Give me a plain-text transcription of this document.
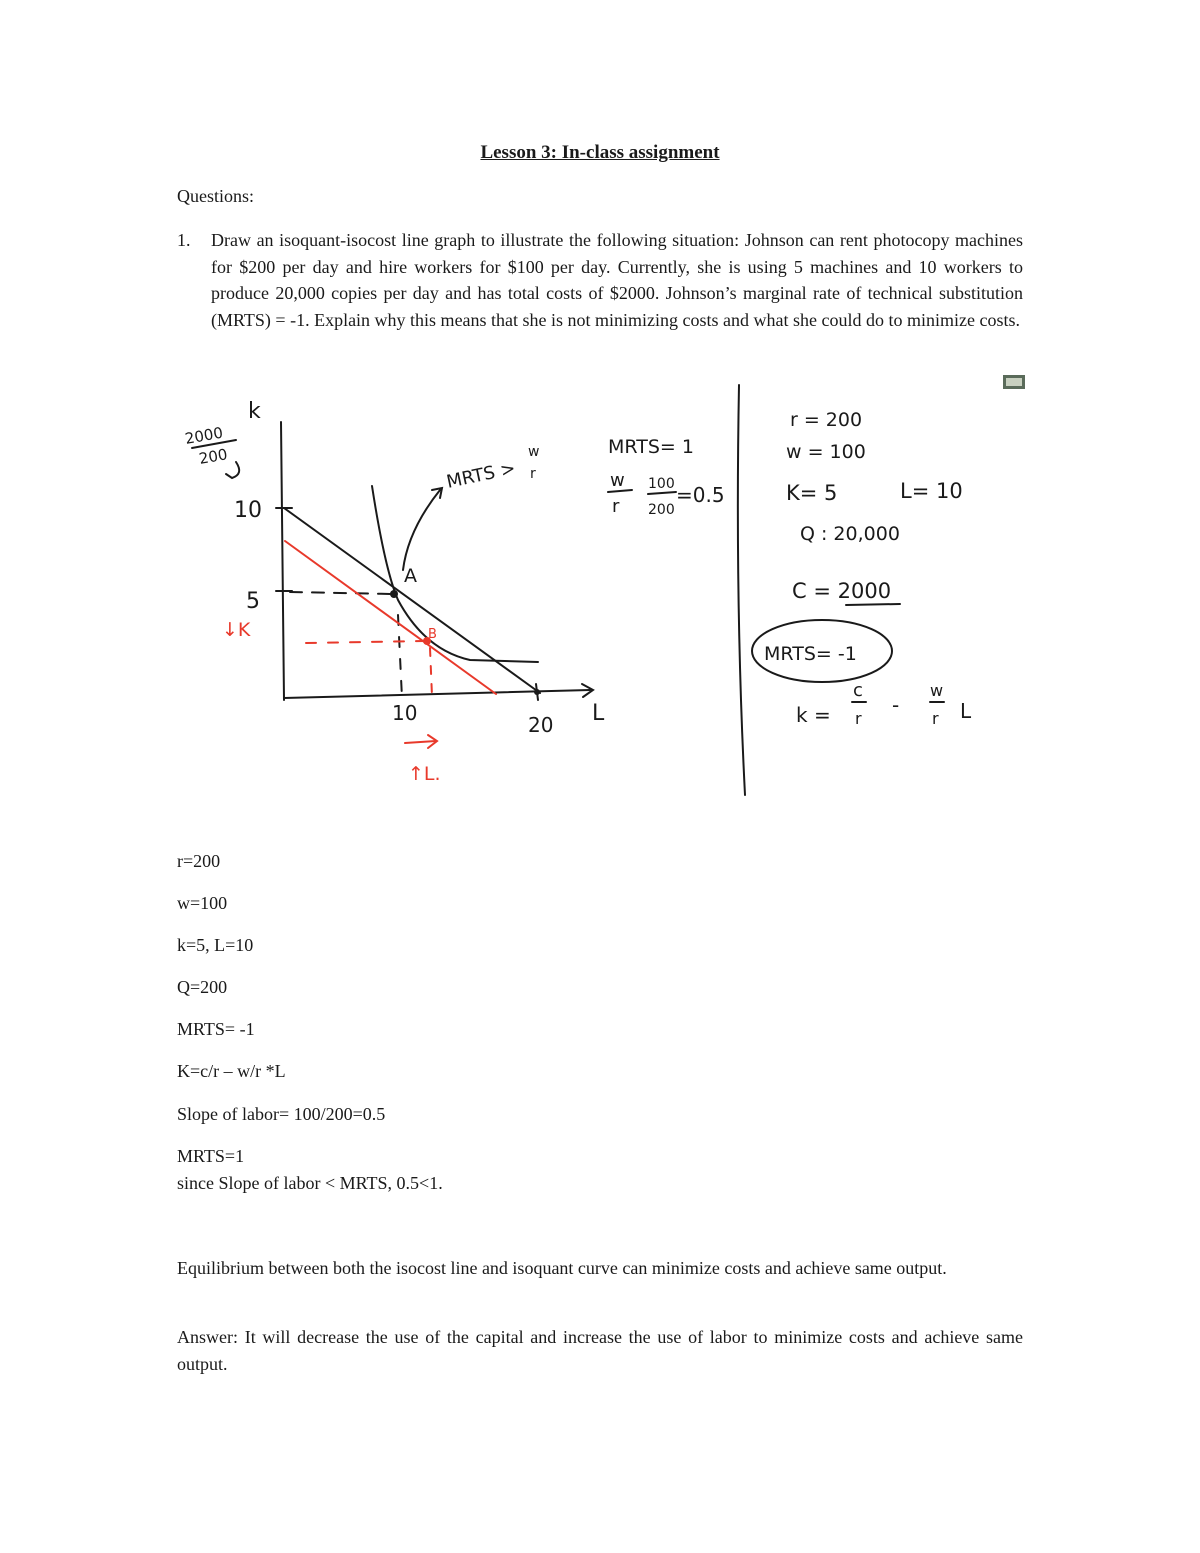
Lesson 3: In-class assignment
Questions:
1. Draw an isoquant-isocost line graph to illustrate the following situation: Johnson can rent photocopy machines for $200 per day and hire workers for $100 per day. Currently, she is using 5 machines and 10 workers to produce 20,000 copies per day and has total costs of $2000. Johnson’s marginal rate of technical substitution (MRTS) = -1. Explain why this means that she is not minimizing costs and what she could do to minimize costs.
k
L
2000
200
10
5
10	20
A
MRTS >
w
r
MRTS= 1
w
r
100
200
=0.5
r = 200
w = 100
K= 5	L= 10
Q : 20,000
C = 2000
MRTS= -1
k =
c
r
-
w
r L
↓K
↑L.
B
r=200
w=100
k=5, L=10
Q=200
MRTS= -1
K=c/r – w/r *L
Slope of labor= 100/200=0.5
MRTS=1
since Slope of labor < MRTS, 0.5<1.
Equilibrium between both the isocost line and isoquant curve can minimize costs and achieve same output.
Answer: It will decrease the use of the capital and increase the use of labor to minimize costs and achieve same output.
